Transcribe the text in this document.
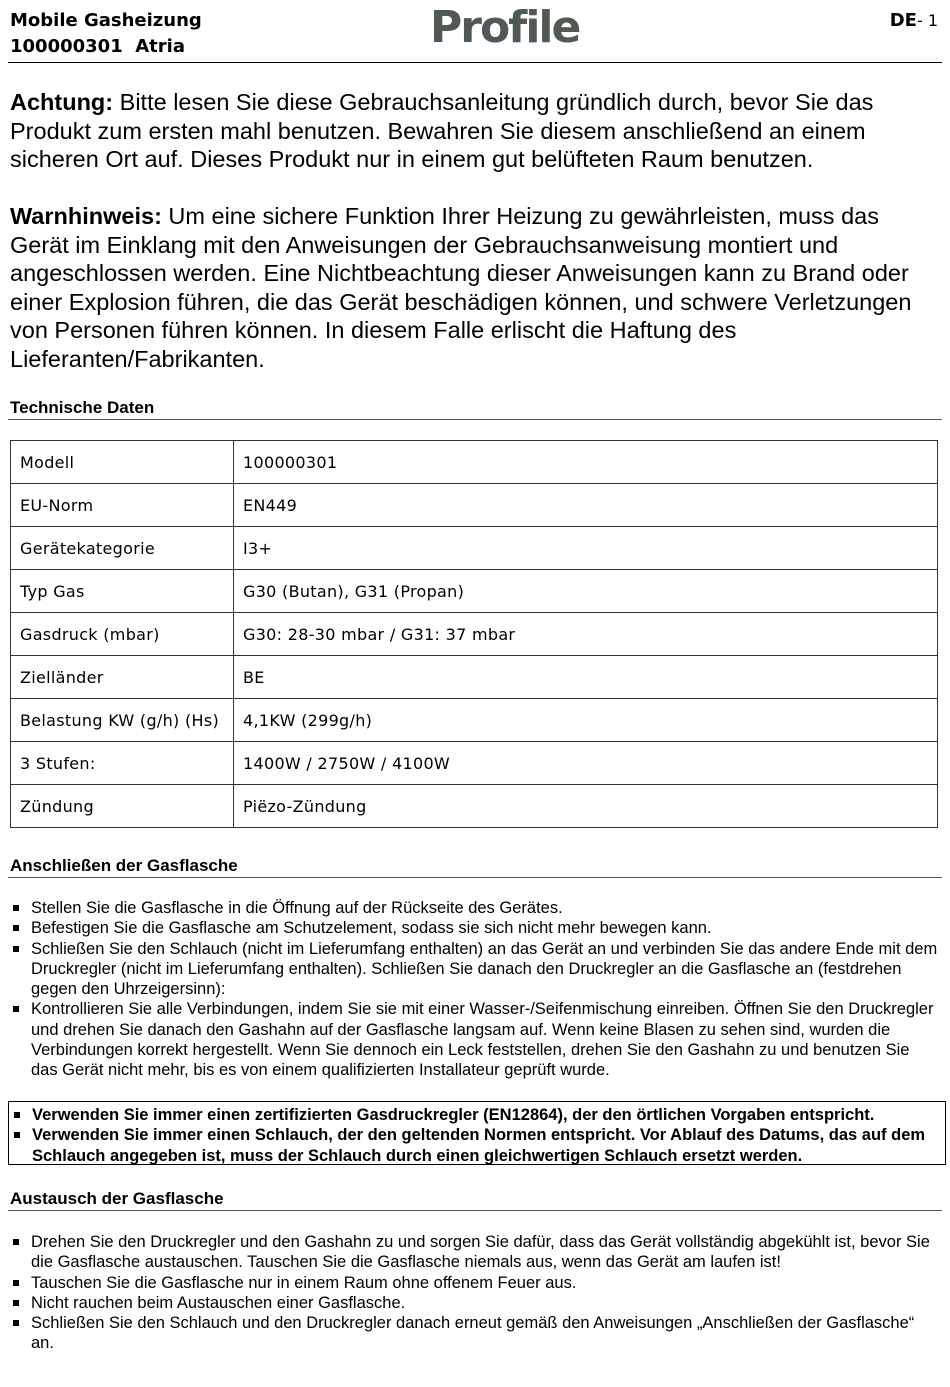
Mobile Gasheizung
100000301  Atria	Profile	DE- 1
Achtung: Bitte lesen Sie diese Gebrauchsanleitung gründlich durch, bevor Sie das Produkt zum ersten mahl benutzen. Bewahren Sie diesem anschließend an einem sicheren Ort auf. Dieses Produkt nur in einem gut belüfteten Raum benutzen.
Warnhinweis: Um eine sichere Funktion Ihrer Heizung zu gewährleisten, muss das Gerät im Einklang mit den Anweisungen der Gebrauchsanweisung montiert und angeschlossen werden. Eine Nichtbeachtung dieser Anweisungen kann zu Brand oder einer Explosion führen, die das Gerät beschädigen können, und schwere Verletzungen von Personen führen können. In diesem Falle erlischt die Haftung des Lieferanten/Fabrikanten.
Technische Daten
Modell	100000301
EU-Norm	EN449
Gerätekategorie	I3+
Typ Gas	G30 (Butan), G31 (Propan)
Gasdruck (mbar)	G30: 28-30 mbar / G31: 37 mbar
Zielländer	BE
Belastung KW (g/h) (Hs)	4,1KW (299g/h)
3 Stufen:	1400W / 2750W / 4100W
Zündung	Piëzo-Zündung
Anschließen der Gasflasche
Stellen Sie die Gasflasche in die Öffnung auf der Rückseite des Gerätes.
Befestigen Sie die Gasflasche am Schutzelement, sodass sie sich nicht mehr bewegen kann.
Schließen Sie den Schlauch (nicht im Lieferumfang enthalten) an das Gerät an und verbinden Sie das andere Ende mit dem Druckregler (nicht im Lieferumfang enthalten). Schließen Sie danach den Druckregler an die Gasflasche an (festdrehen gegen den Uhrzeigersinn):
Kontrollieren Sie alle Verbindungen, indem Sie sie mit einer Wasser-/Seifenmischung einreiben. Öffnen Sie den Druckregler und drehen Sie danach den Gashahn auf der Gasflasche langsam auf. Wenn keine Blasen zu sehen sind, wurden die Verbindungen korrekt hergestellt. Wenn Sie dennoch ein Leck feststellen, drehen Sie den Gashahn zu und benutzen Sie das Gerät nicht mehr, bis es von einem qualifizierten Installateur geprüft wurde.
Verwenden Sie immer einen zertifizierten Gasdruckregler (EN12864), der den örtlichen Vorgaben entspricht.
Verwenden Sie immer einen Schlauch, der den geltenden Normen entspricht. Vor Ablauf des Datums, das auf dem Schlauch angegeben ist, muss der Schlauch durch einen gleichwertigen Schlauch ersetzt werden.
Austausch der Gasflasche
Drehen Sie den Druckregler und den Gashahn zu und sorgen Sie dafür, dass das Gerät vollständig abgekühlt ist, bevor Sie die Gasflasche austauschen. Tauschen Sie die Gasflasche niemals aus, wenn das Gerät am laufen ist!
Tauschen Sie die Gasflasche nur in einem Raum ohne offenem Feuer aus.
Nicht rauchen beim Austauschen einer Gasflasche.
Schließen Sie den Schlauch und den Druckregler danach erneut gemäß den Anweisungen „Anschließen der Gasflasche“ an.
